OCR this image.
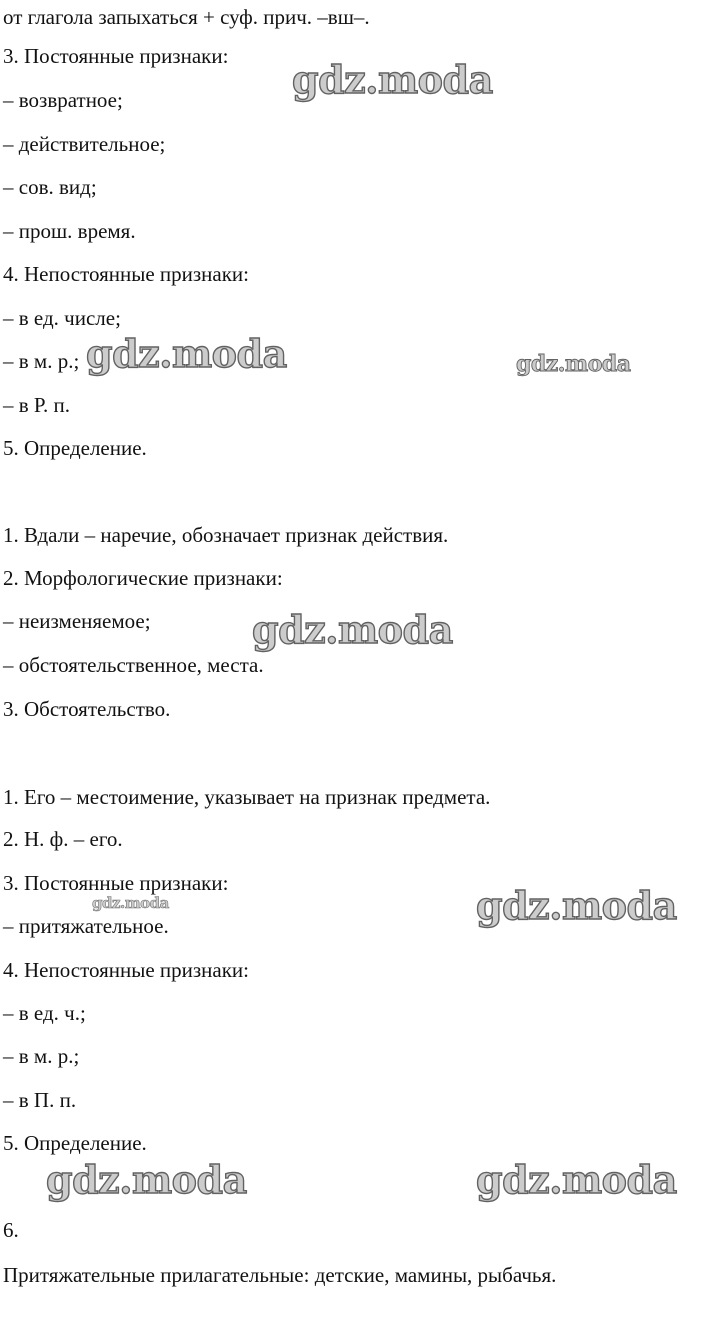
от глагола запыхаться + суф. прич. –вш–.
3. Постоянные признаки:
– возвратное;
– действительное;
– сов. вид;
– прош. время.
4. Непостоянные признаки:
– в ед. числе;
– в м. р.;
– в Р. п.
5. Определение.
1. Вдали – наречие, обозначает признак действия.
2. Морфологические признаки:
– неизменяемое;
– обстоятельственное, места.
3. Обстоятельство.
1. Его – местоимение, указывает на признак предмета.
2. Н. ф. – его.
3. Постоянные признаки:
– притяжательное.
4. Непостоянные признаки:
– в ед. ч.;
– в м. р.;
– в П. п.
5. Определение.
6.
Притяжательные прилагательные: детские, мамины, рыбачья.
gdz.moda
gdz.moda	gdz.moda
gdz.moda
gdz.moda	gdz.moda
gdz.moda	gdz.moda
